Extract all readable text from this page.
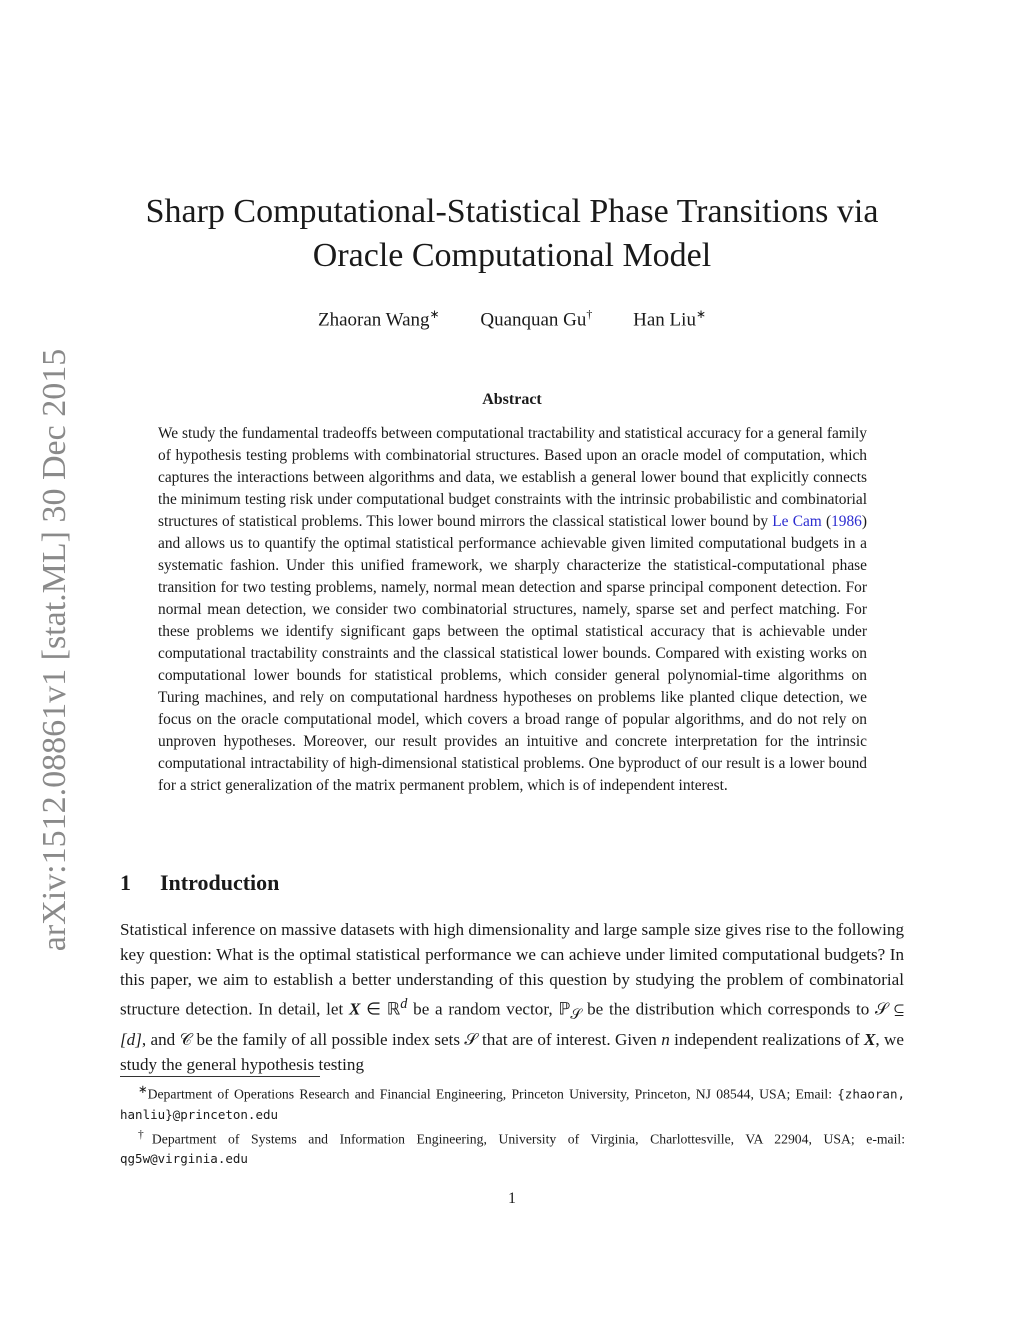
arXiv:1512.08861v1 [stat.ML] 30 Dec 2015
Sharp Computational-Statistical Phase Transitions via
Oracle Computational Model
Zhaoran Wang∗ Quanquan Gu† Han Liu∗
Abstract

We study the fundamental tradeoffs between computational tractability and statistical accuracy for a general family of hypothesis testing problems with combinatorial structures. Based upon an oracle model of computation, which captures the interactions between algorithms and data, we establish a general lower bound that explicitly connects the minimum testing risk under computational budget constraints with the intrinsic probabilistic and combinatorial structures of statistical problems. This lower bound mirrors the classical statistical lower bound by Le Cam (1986) and allows us to quantify the optimal statistical performance achievable given limited computational budgets in a systematic fashion. Under this unified framework, we sharply characterize the statistical-computational phase transition for two testing problems, namely, normal mean detection and sparse principal component detection. For normal mean detection, we consider two combinatorial structures, namely, sparse set and perfect matching. For these problems we identify significant gaps between the optimal statistical accuracy that is achievable under computational tractability constraints and the classical statistical lower bounds. Compared with existing works on computational lower bounds for statistical problems, which consider general polynomial-time algorithms on Turing machines, and rely on computational hardness hypotheses on problems like planted clique detection, we focus on the oracle computational model, which covers a broad range of popular algorithms, and do not rely on unproven hypotheses. Moreover, our result provides an intuitive and concrete interpretation for the intrinsic computational intractability of high-dimensional statistical problems. One byproduct of our result is a lower bound for a strict generalization of the matrix permanent problem, which is of independent interest.

1 Introduction

Statistical inference on massive datasets with high dimensionality and large sample size gives rise to the following key question: What is the optimal statistical performance we can achieve under limited computational budgets? In this paper, we aim to establish a better understanding of this question by studying the problem of combinatorial structure detection. In detail, let X ∈ ℝ$^d$ be a random vector, ℙ$_𝒮$ be the distribution which corresponds to 𝒮 ⊆ [d], and 𝒞 be the family of all possible index sets 𝒮 that are of interest. Given n independent realizations of X, we study the general hypothesis testing

∗Department of Operations Research and Financial Engineering, Princeton University, Princeton, NJ 08544, USA; Email: {zhaoran, hanliu}@princeton.edu

†Department of Systems and Information Engineering, University of Virginia, Charlottesville, VA 22904, USA; e-mail: qg5w@virginia.edu

1
